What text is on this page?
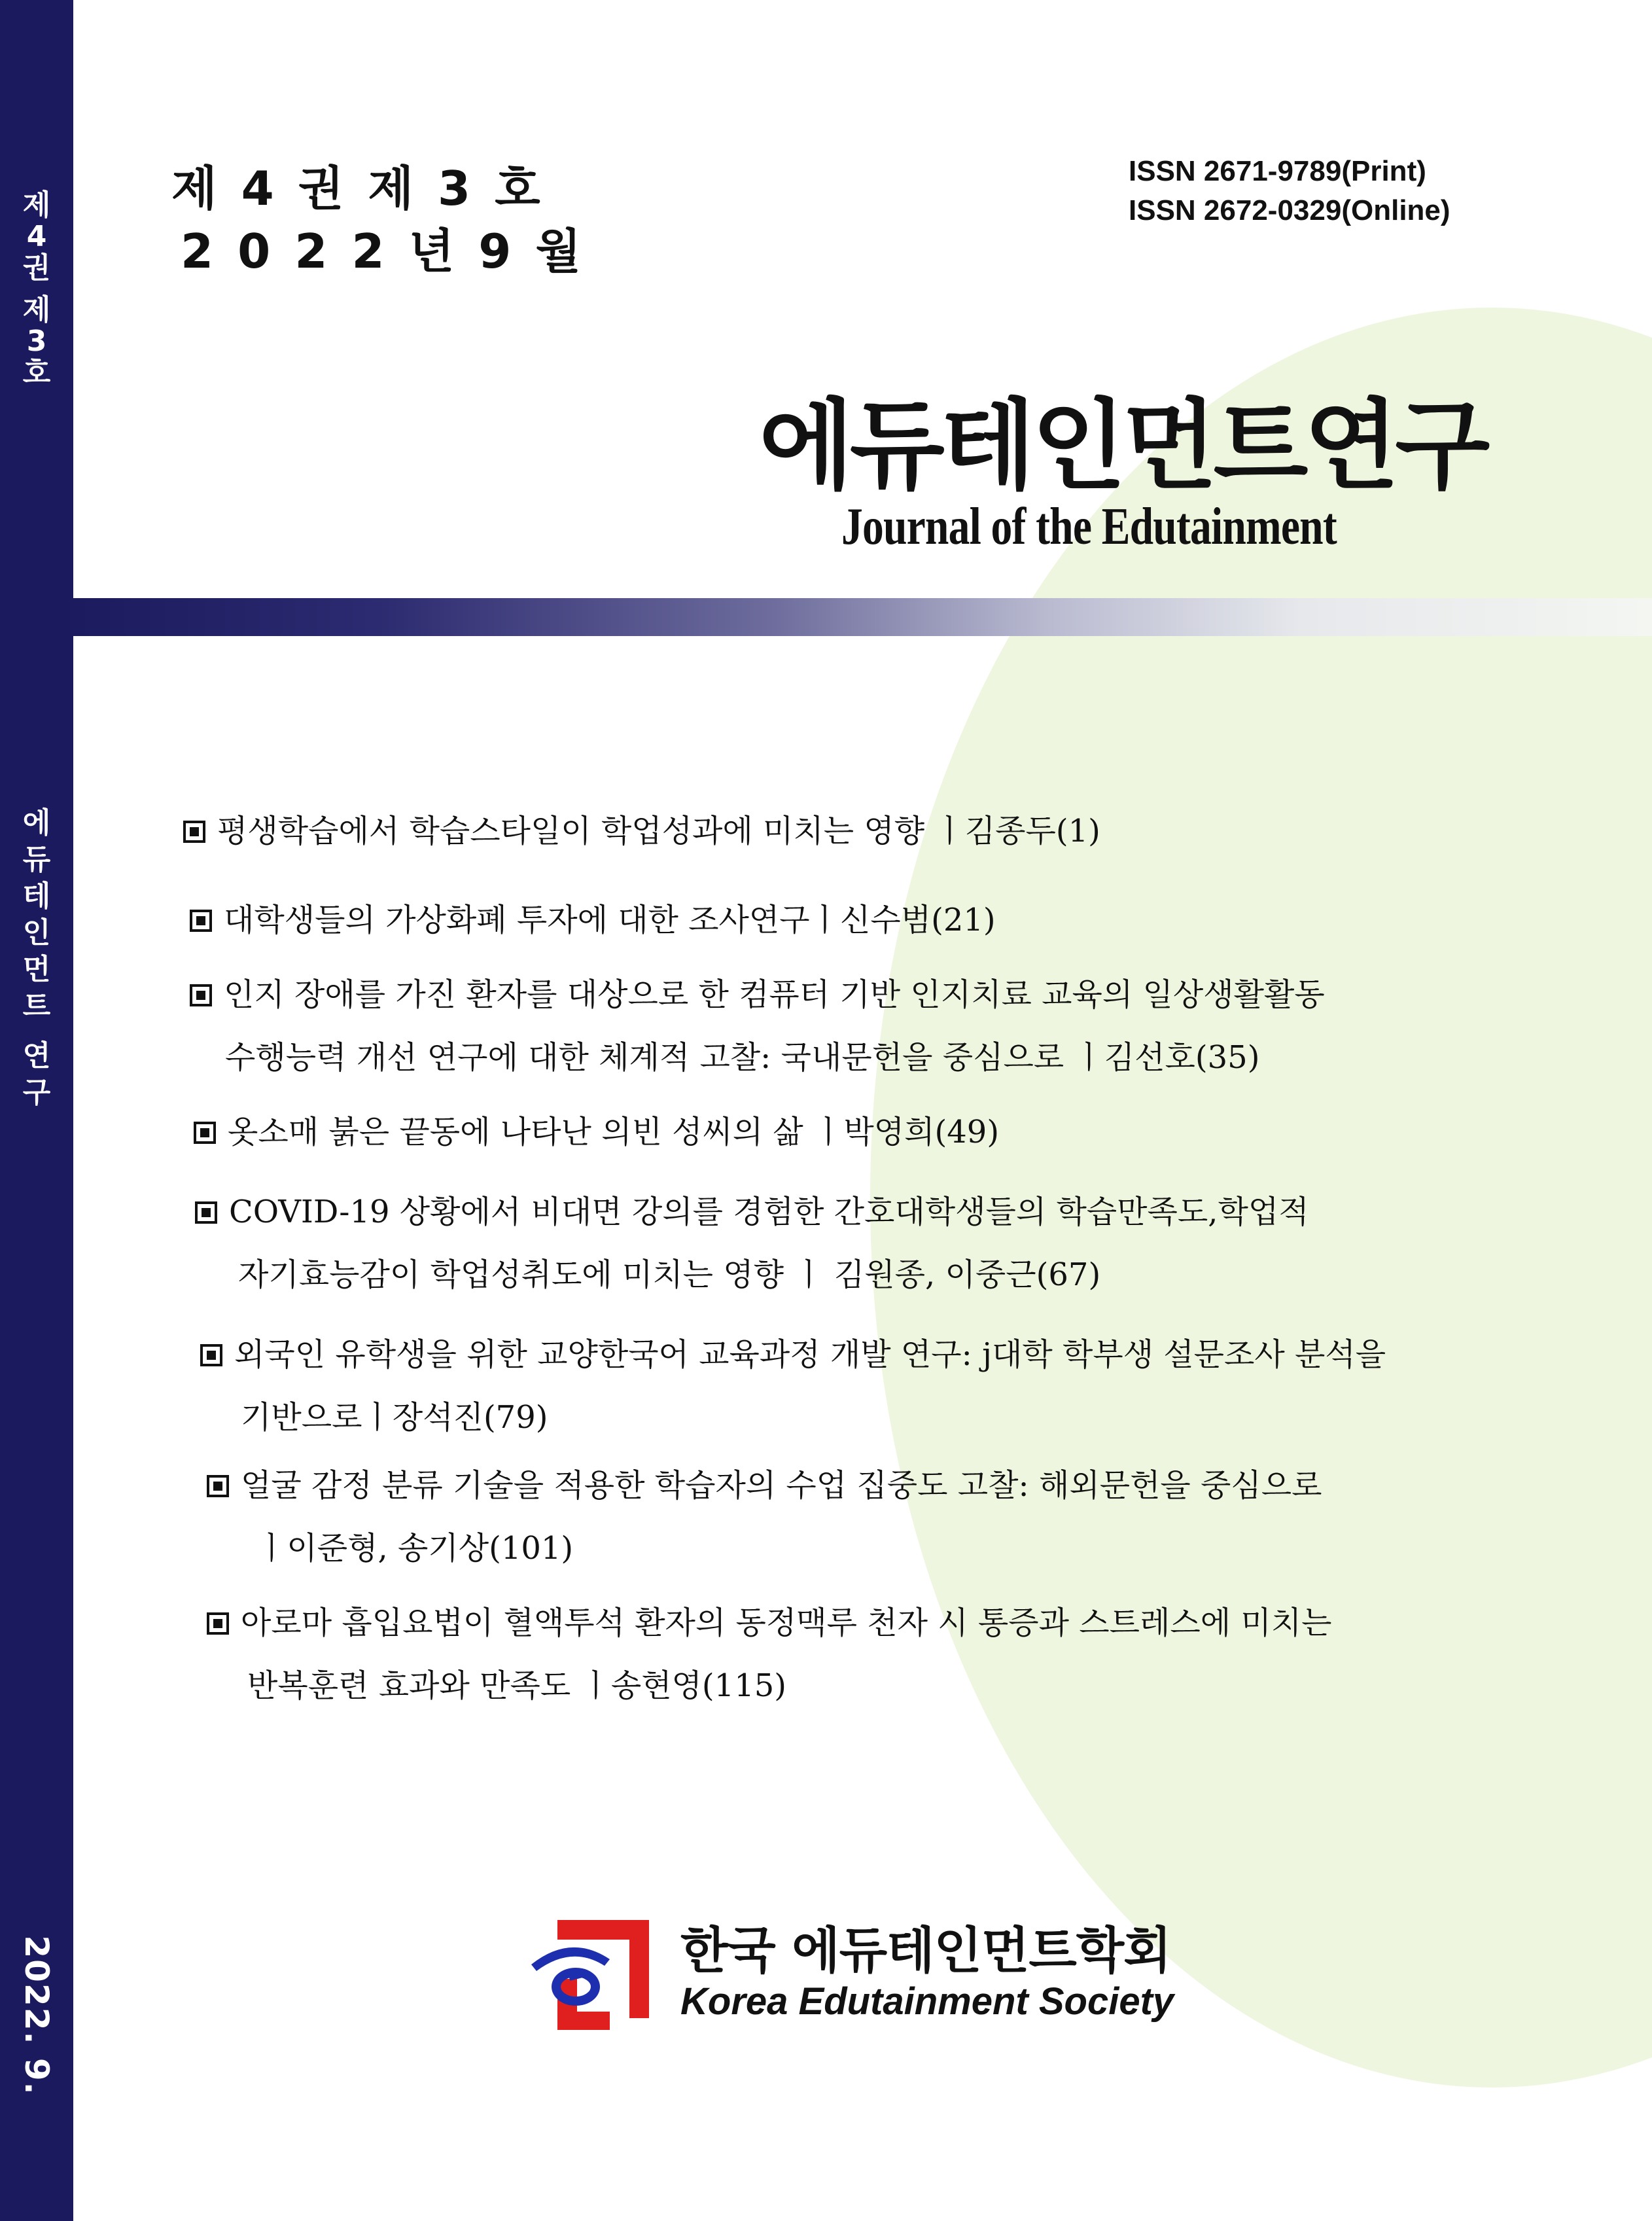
제
4
권
제
3
호
에
듀
테
인
먼
트
연
구
2022. 9.
제 4 권 제 3 호
2 0 2 2 년 9 월
ISSN 2671-9789(Print)
ISSN 2672-0329(Online)
에듀테인먼트연구
Journal of the Edutainment
평생학습에서 학습스타일이 학업성과에 미치는 영향 ㅣ김종두(1)
대학생들의 가상화폐 투자에 대한 조사연구ㅣ신수범(21)
인지 장애를 가진 환자를 대상으로 한 컴퓨터 기반 인지치료 교육의 일상생활활동
수행능력 개선 연구에 대한 체계적 고찰: 국내문헌을 중심으로 ㅣ김선호(35)
옷소매 붉은 끝동에 나타난 의빈 성씨의 삶 ㅣ박영희(49)
COVID-19 상황에서 비대면 강의를 경험한 간호대학생들의 학습만족도,학업적
자기효능감이 학업성취도에 미치는 영향 ㅣ 김원종, 이중근(67)
외국인 유학생을 위한 교양한국어 교육과정 개발 연구: j대학 학부생 설문조사 분석을
기반으로ㅣ장석진(79)
얼굴 감정 분류 기술을 적용한 학습자의 수업 집중도 고찰: 해외문헌을 중심으로
ㅣ이준형, 송기상(101)
아로마 흡입요법이 혈액투석 환자의 동정맥루 천자 시 통증과 스트레스에 미치는
반복훈련 효과와 만족도 ㅣ송현영(115)
한국 에듀테인먼트학회
Korea Edutainment Society
